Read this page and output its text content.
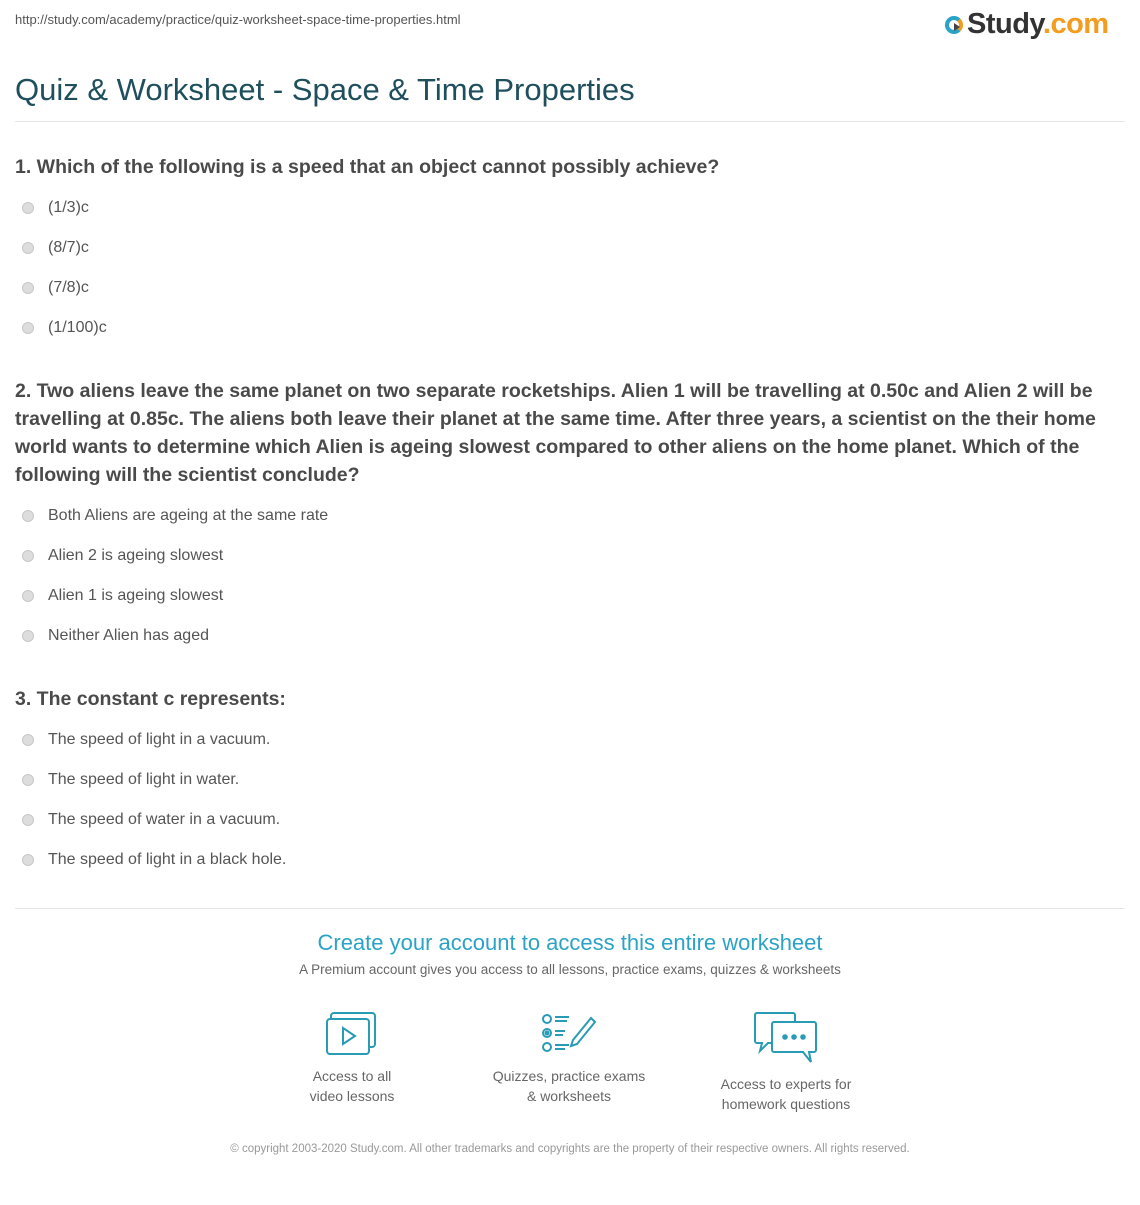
http://study.com/academy/practice/quiz-worksheet-space-time-properties.html	Study.com
Quiz & Worksheet - Space & Time Properties
1. Which of the following is a speed that an object cannot possibly achieve?
(1/3)c
(8/7)c
(7/8)c
(1/100)c
2. Two aliens leave the same planet on two separate rocketships. Alien 1 will be travelling at 0.50c and Alien 2 will be travelling at 0.85c. The aliens both leave their planet at the same time. After three years, a scientist on the their home world wants to determine which Alien is ageing slowest compared to other aliens on the home planet. Which of the following will the scientist conclude?
Both Aliens are ageing at the same rate
Alien 2 is ageing slowest
Alien 1 is ageing slowest
Neither Alien has aged
3. The constant c represents:
The speed of light in a vacuum.
The speed of light in water.
The speed of water in a vacuum.
The speed of light in a black hole.
Create your account to access this entire worksheet
A Premium account gives you access to all lessons, practice exams, quizzes & worksheets
Access to all
video lessons
Quizzes, practice exams
& worksheets
Access to experts for
homework questions
© copyright 2003-2020 Study.com. All other trademarks and copyrights are the property of their respective owners. All rights reserved.
